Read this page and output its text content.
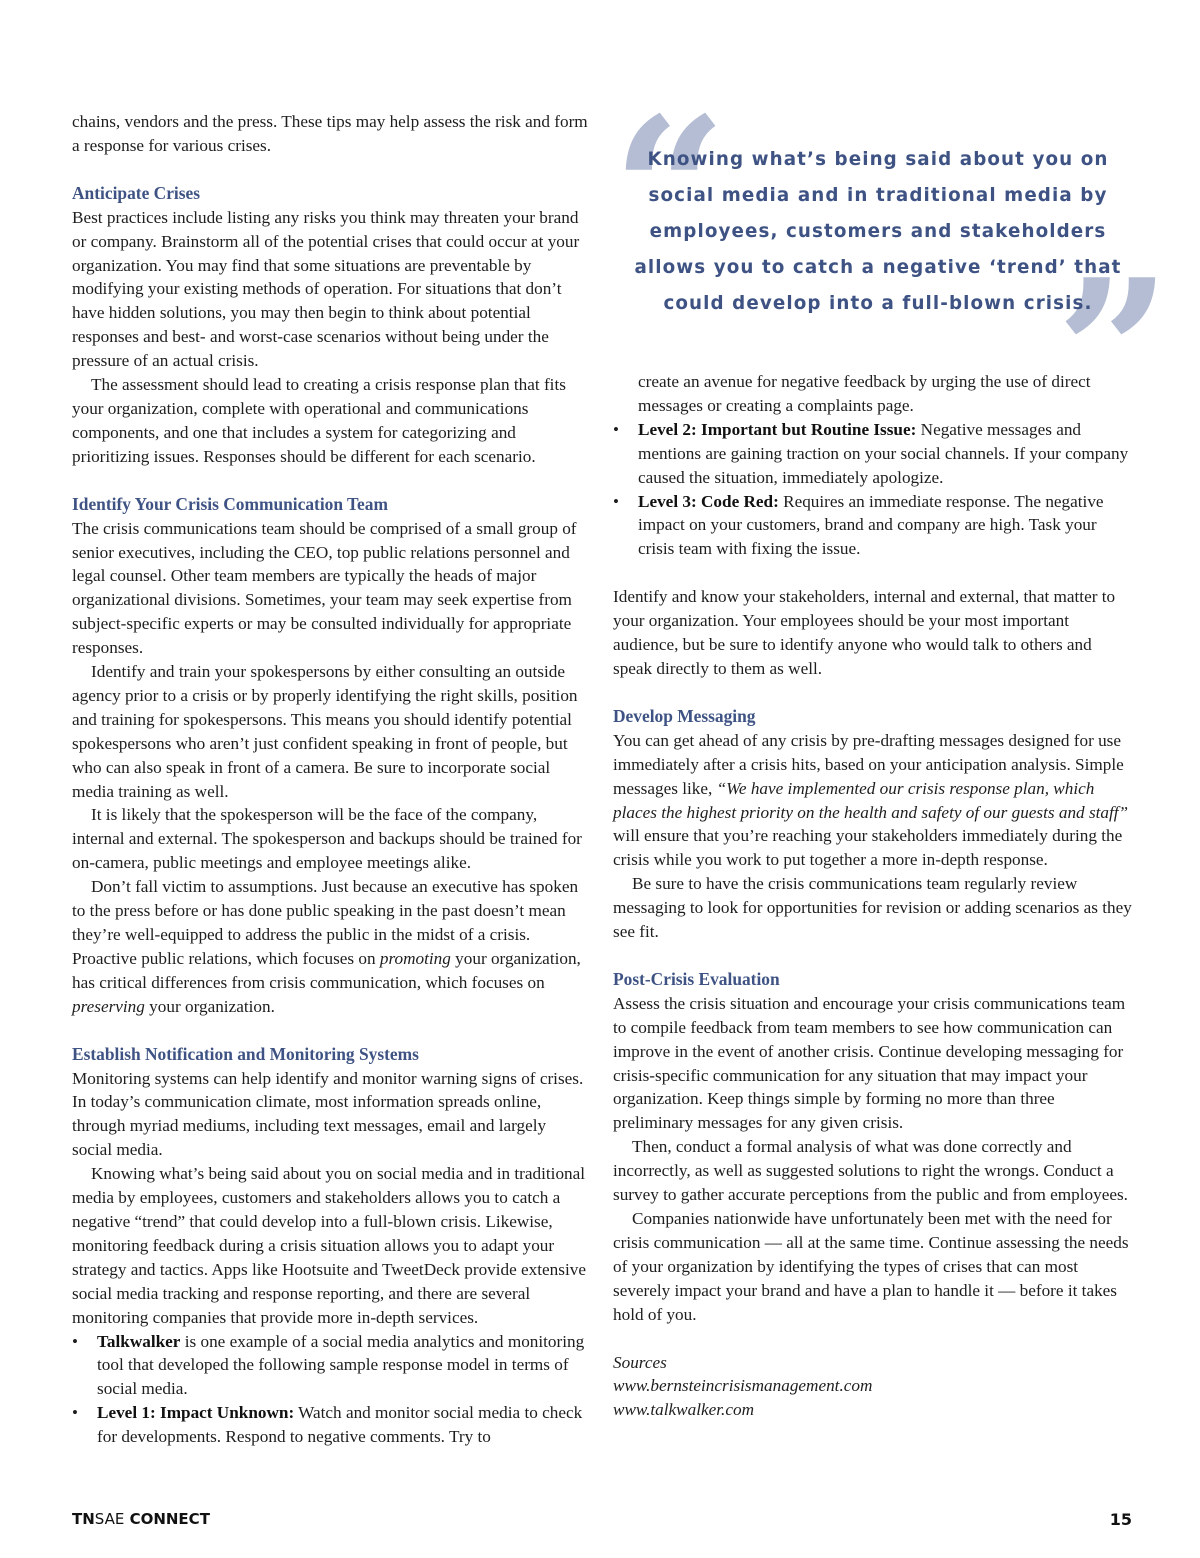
chains, vendors and the press. These tips may help assess the risk and form a response for various crises.

Anticipate Crises

Best practices include listing any risks you think may threaten your brand or company. Brainstorm all of the potential crises that could occur at your organization. You may find that some situations are preventable by modifying your existing methods of operation. For situations that don’t have hidden solutions, you may then begin to think about potential responses and best- and worst-case scenarios without being under the pressure of an actual crisis.

The assessment should lead to creating a crisis response plan that fits your organization, complete with operational and communications components, and one that includes a system for categorizing and prioritizing issues. Responses should be different for each scenario.

Identify Your Crisis Communication Team

The crisis communications team should be comprised of a small group of senior executives, including the CEO, top public relations personnel and legal counsel. Other team members are typically the heads of major organizational divisions. Sometimes, your team may seek expertise from subject-specific experts or may be consulted individually for appropriate responses.

Identify and train your spokespersons by either consulting an outside agency prior to a crisis or by properly identifying the right skills, position and training for spokespersons. This means you should identify potential spokespersons who aren’t just confident speaking in front of people, but who can also speak in front of a camera. Be sure to incorporate social media training as well.

It is likely that the spokesperson will be the face of the company, internal and external. The spokesperson and backups should be trained for on-camera, public meetings and employee meetings alike.

Don’t fall victim to assumptions. Just because an executive has spoken to the press before or has done public speaking in the past doesn’t mean they’re well-equipped to address the public in the midst of a crisis. Proactive public relations, which focuses on promoting your organization, has critical differences from crisis communication, which focuses on preserving your organization.

Establish Notification and Monitoring Systems

Monitoring systems can help identify and monitor warning signs of crises. In today’s communication climate, most information spreads online, through myriad mediums, including text messages, email and largely social media.

Knowing what’s being said about you on social media and in traditional media by employees, customers and stakeholders allows you to catch a negative “trend” that could develop into a full-blown crisis. Likewise, monitoring feedback during a crisis situation allows you to adapt your strategy and tactics. Apps like Hootsuite and TweetDeck provide extensive social media tracking and response reporting, and there are several monitoring companies that provide more in-depth services.

• Talkwalker is one example of a social media analytics and monitoring tool that developed the following sample response model in terms of social media.
• Level 1: Impact Unknown: Watch and monitor social media to check for developments. Respond to negative comments. Try to
“
”
Knowing what’s being said about you on social media and in traditional media by employees, customers and stakeholders allows you to catch a negative ‘trend’ that could develop into a full-blown crisis.
create an avenue for negative feedback by urging the use of direct messages or creating a complaints page.
• Level 2: Important but Routine Issue: Negative messages and mentions are gaining traction on your social channels. If your company caused the situation, immediately apologize.
• Level 3: Code Red: Requires an immediate response. The negative impact on your customers, brand and company are high. Task your crisis team with fixing the issue.

Identify and know your stakeholders, internal and external, that matter to your organization. Your employees should be your most important audience, but be sure to identify anyone who would talk to others and speak directly to them as well.

Develop Messaging

You can get ahead of any crisis by pre-drafting messages designed for use immediately after a crisis hits, based on your anticipation analysis. Simple messages like, “We have implemented our crisis response plan, which places the highest priority on the health and safety of our guests and staff” will ensure that you’re reaching your stakeholders immediately during the crisis while you work to put together a more in-depth response.

Be sure to have the crisis communications team regularly review messaging to look for opportunities for revision or adding scenarios as they see fit.

Post-Crisis Evaluation

Assess the crisis situation and encourage your crisis communications team to compile feedback from team members to see how communication can improve in the event of another crisis. Continue developing messaging for crisis-specific communication for any situation that may impact your organization. Keep things simple by forming no more than three preliminary messages for any given crisis.

Then, conduct a formal analysis of what was done correctly and incorrectly, as well as suggested solutions to right the wrongs. Conduct a survey to gather accurate perceptions from the public and from employees.

Companies nationwide have unfortunately been met with the need for crisis communication — all at the same time. Continue assessing the needs of your organization by identifying the types of crises that can most severely impact your brand and have a plan to handle it — before it takes hold of you.

Sources

www.bernsteincrisismanagement.com

www.talkwalker.com

TNSAE CONNECT	15
